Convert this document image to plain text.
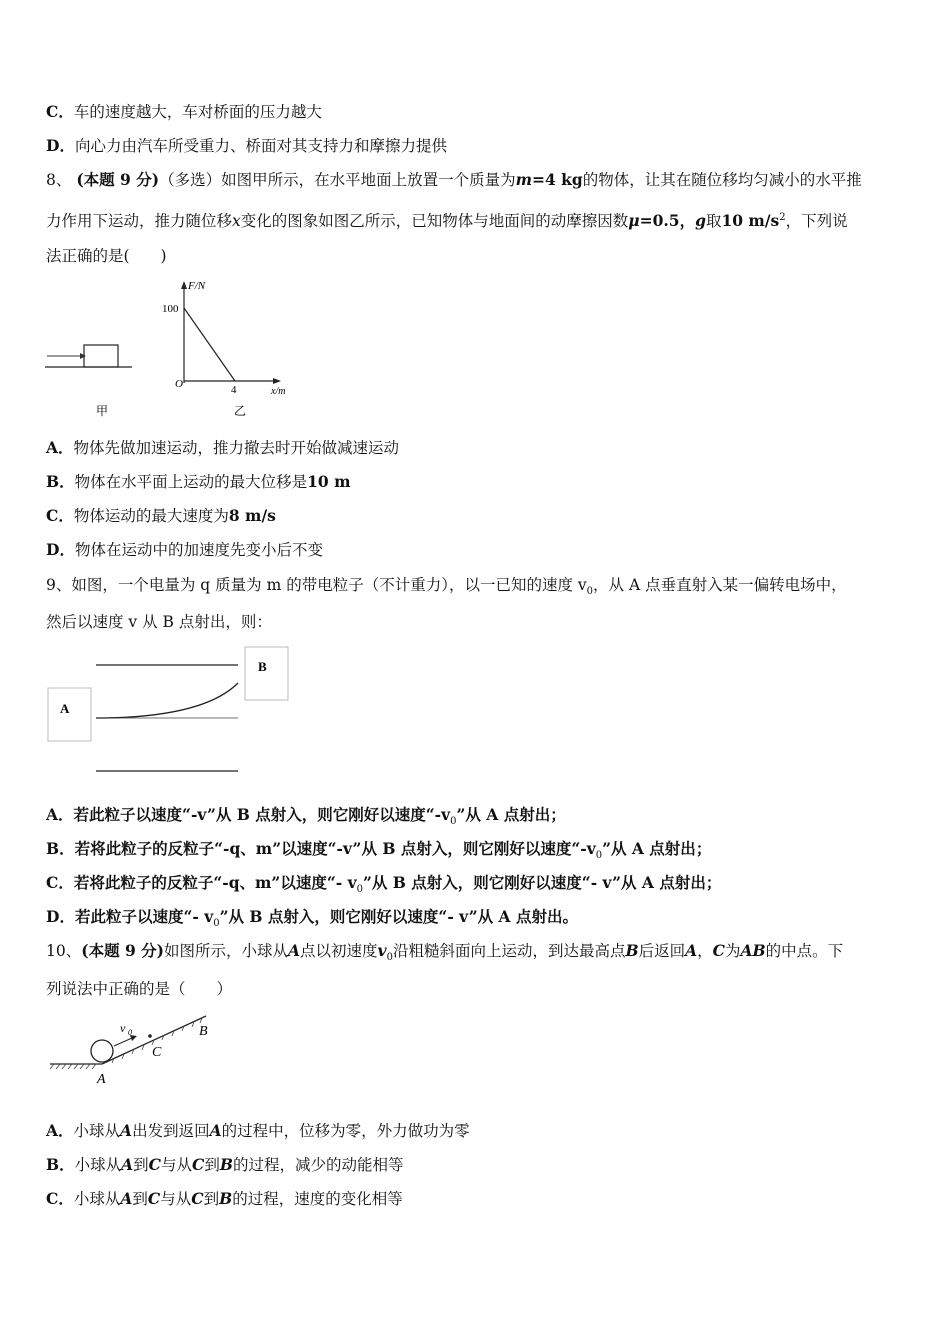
C．车的速度越大，车对桥面的压力越大
D．向心力由汽车所受重力、桥面对其支持力和摩擦力提供
8、 (本题 9 分)（多选）如图甲所示，在水平地面上放置一个质量为m=4 kg的物体，让其在随位移均匀减小的水平推
力作用下运动，推力随位移x变化的图象如图乙所示，已知物体与地面间的动摩擦因数μ=0.5，g取10 $m/s^2$，下列说
法正确的是(　　)
甲
F/N
100
O	4	x/m
乙
A．物体先做加速运动，推力撤去时开始做减速运动
B．物体在水平面上运动的最大位移是10 m
C．物体运动的最大速度为8 m/s
D．物体在运动中的加速度先变小后不变
9、如图，一个电量为 q 质量为 m 的带电粒子（不计重力），以一已知的速度 $v_0$，从 A 点垂直射入某一偏转电场中，
然后以速度 v 从 B 点射出，则：
A
B
A．若此粒子以速度“-v”从 B 点射入，则它刚好以速度“$-v_0$”从 A 点射出；
B．若将此粒子的反粒子“-q、m”以速度“-v”从 B 点射入，则它刚好以速度“$-v_0$”从 A 点射出；
C．若将此粒子的反粒子“-q、m”以速度“- $v_0$”从 B 点射入，则它刚好以速度“- v”从 A 点射出；
D．若此粒子以速度“- $v_0$”从 B 点射入，则它刚好以速度“- v”从 A 点射出。
10、(本题 9 分)如图所示，小球从A点以初速度$v_0$沿粗糙斜面向上运动，到达最高点B后返回A，C为AB的中点。下
列说法中正确的是（　　）
v 0
C
B
A
A．小球从A出发到返回A的过程中，位移为零，外力做功为零
B．小球从A到C与从C到B的过程，减少的动能相等
C．小球从A到C与从C到B的过程，速度的变化相等
